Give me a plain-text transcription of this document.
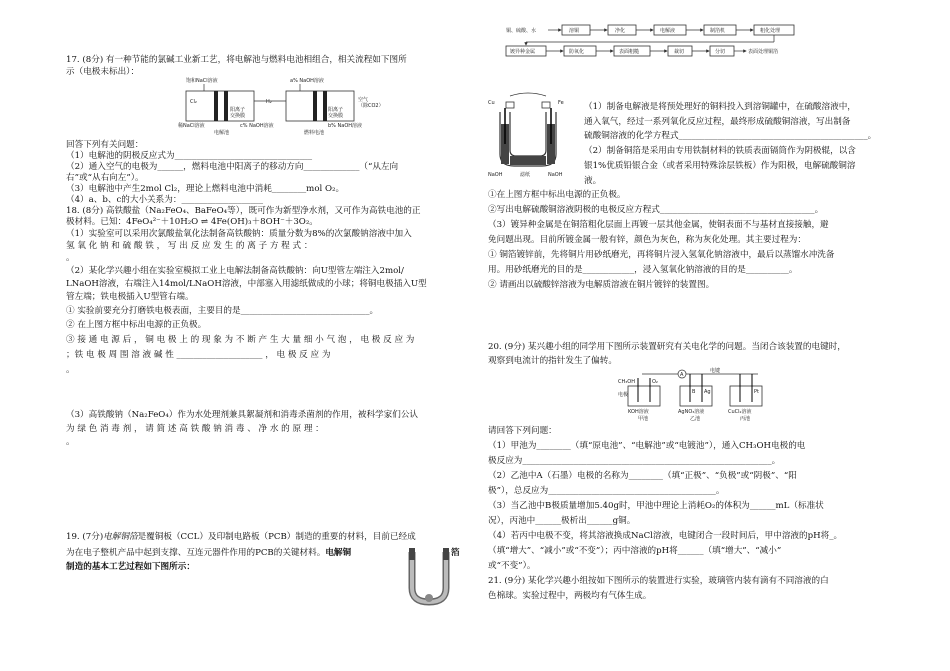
17. (8分) 有一种节能的氯碱工业新工艺，将电解池与燃料电池相组合，相关流程如下图所
示（电极未标出）：
饱和NaCl溶液	a% NaOH溶液
Cl₂	H₂	空气
（除CO2）
阳离子
交换膜
阳离子
交换膜
稀NaCl溶液	c% NaOH溶液	b% NaOH溶液
电解池	燃料电池
回答下列有关问题：
（1）电解池的阴极反应式为________________________________
（2）通入空气的电极为______，燃料电池中阳离子的移动方向_____________（“从左向
右”或“从右向左”）。
（3）电解池中产生2mol Cl₂，理论上燃料电池中消耗________mol O₂。
（4）a、b、c的大小关系为：___________________
18. (8分) 高铁酸盐（Na₂FeO₄、BaFeO₄等），既可作为新型净水剂，又可作为高铁电池的正
极材料。已知：4FeO₄²⁻＋10H₂O ⇌ 4Fe(OH)₃＋8OH⁻＋3O₂。
（1）实验室可以采用次氯酸盐氧化法制备高铁酸钠：质量分数为8%的次氯酸钠溶液中加入
氢 氧 化 钠 和 硫 酸 铁 ， 写 出 反 应 发 生 的 离 子 方 程 式 ：
。
（2）某化学兴趣小组在实验室模拟工业上电解法制备高铁酸钠：向U型管左端注入2mol/
LNaOH溶液，右端注入14mol/LNaOH溶液，中部塞入用滤纸做成的小球；将铜电极插入U型
管左端；铁电极插入U型管右端。
① 实验前要充分打磨铁电极表面，主要目的是______________________________。
② 在上图方框中标出电源的正负极。
③ 接 通 电 源 后 ， 铜 电 极 上 的 现 象 为 不 断 产 生 大 量 细 小 气 泡 ， 电 极 反 应 为
；铁 电 极 周 围 溶 液 碱 性 ____________________ ， 电 极 反 应 为
。
（3）高铁酸钠（Na₂FeO₄）作为水处理剂兼具絮凝剂和消毒杀菌剂的作用，被科学家们公认
为 绿 色 消 毒 剂 ， 请 简 述 高 铁 酸 钠 消 毒 、 净 水 的 原 理 ：
。
19. (7分)电解铜箔是覆铜板（CCL）及印制电路板（PCB）制造的重要的材料，目前已经成
为在电子整机产品中起到支撑、互连元器件作用的PCB的关键材料。电解铜	箔
制造的基本工艺过程如下图所示：
铜、硫酸、水	溶铜	净化	电解液	制箔机	粗化处理
镀异种金属	防氧化	表面粗糙	裁切	分切	表面处理铜箔
Cu	Fe
NaOH	滤纸	NaOH
（1）制备电解液是将预处理好的铜料投入到溶铜罐中，在硫酸溶液中，
通入氧气，经过一系列氧化反应过程，最终形成硫酸铜溶液，写出制备
硫酸铜溶液的化学方程式____________________________________________。
（2）制备铜箔是采用由专用铁制材料的铁质表面镉筒作为阴极辊，以含
银1%优质铅银合金（或者采用特殊涂层铁板）作为阳极，电解硫酸铜溶
液。
①在上图方框中标出电源的正负极。
②写出电解硫酸铜溶液阴极的电极反应方程式____________________________________。
（3）镀异种金属是在铜箔粗化层面上再镀一层其他金属，使铜表面不与基材直接接触，避
免问题出现。目前所镀金属一般有锌，颜色为灰色，称为灰化处理。其主要过程为：
① 铜箔镀锌前，先将铜片用砂纸磨光，再将铜片浸入氢氧化钠溶液中，最后以蒸馏水冲洗备
用。用砂纸磨光的目的是____________，浸入氢氧化钠溶液的目的是__________。
② 请画出以硫酸锌溶液为电解质溶液在铜片镀锌的装置图。
20. (9分) 某兴趣小组的同学用下图所示装置研究有关电化学的问题。当闭合该装置的电键时，
观察到电流计的指针发生了偏转。
电键
A
CH₃OH	O₂
电极	Ag	Pt
B
KOH溶液	AgNO₃溶液	CuCl₂溶液
甲池	乙池	丙池
请回答下列问题：
（1）甲池为________（填“原电池”、“电解池”或“电镀池”），通入CH₃OH电极的电
极反应为__________________________________________________________。
（2）乙池中A（石墨）电极的名称为________（填“正极”、“负极”或“阴极”、“阳
极”），总反应为_______________________________________。
（3）当乙池中B极质量增加5.40g时，甲池中理论上消耗O₂的体积为______mL（标准状
况），丙池中______极析出______g铜。
（4）若丙中电极不变，将其溶液换成NaCl溶液，电键闭合一段时间后，甲中溶液的pH将_。
（填“增大”、“减小”或“不变”）；丙中溶液的pH将______（填“增大”、“减小”
或“不变”）。
21. (9分) 某化学兴趣小组按如下图所示的装置进行实验，玻璃管内装有滴有不同溶液的白
色棉球。实验过程中，两极均有气体生成。
